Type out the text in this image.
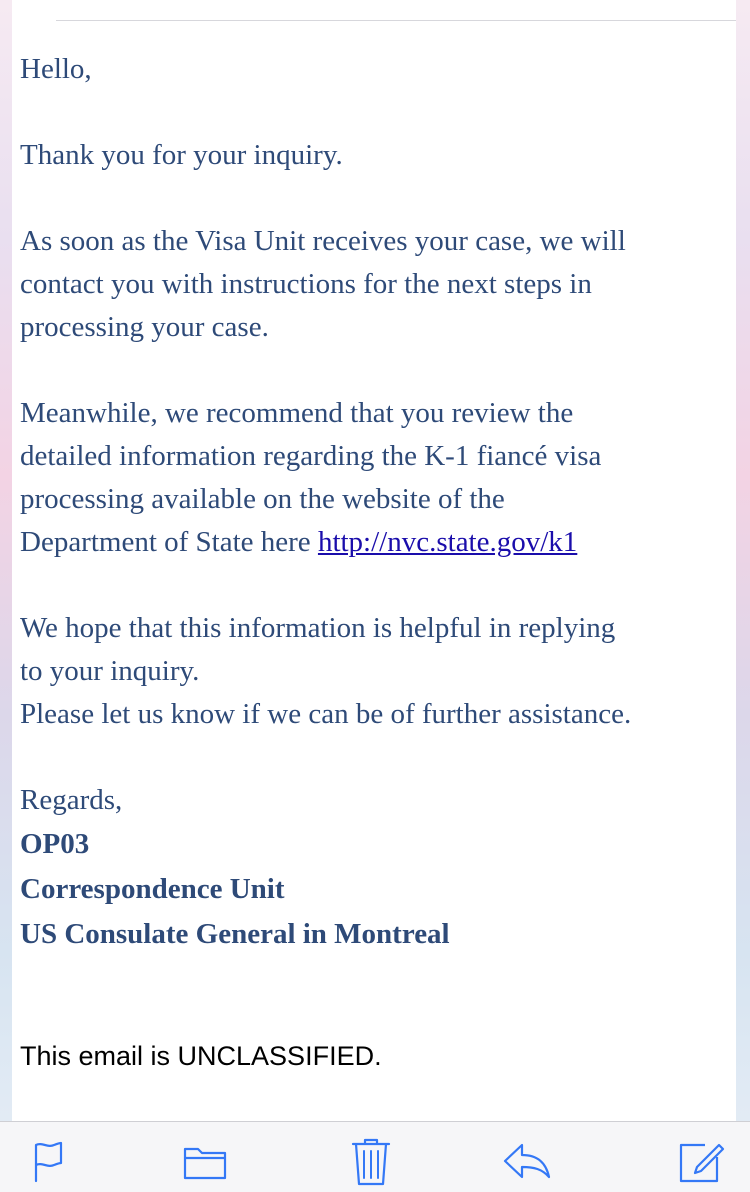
Hello,
Thank you for your inquiry.
As soon as the Visa Unit receives your case, we will
contact you with instructions for the next steps in
processing your case.
Meanwhile, we recommend that you review the
detailed information regarding the K-1 fiancé visa
processing available on the website of the
Department of State here http://nvc.state.gov/k1
We hope that this information is helpful in replying
to your inquiry.
Please let us know if we can be of further assistance.
Regards,
OP03
Correspondence Unit
US Consulate General in Montreal
This email is UNCLASSIFIED.
